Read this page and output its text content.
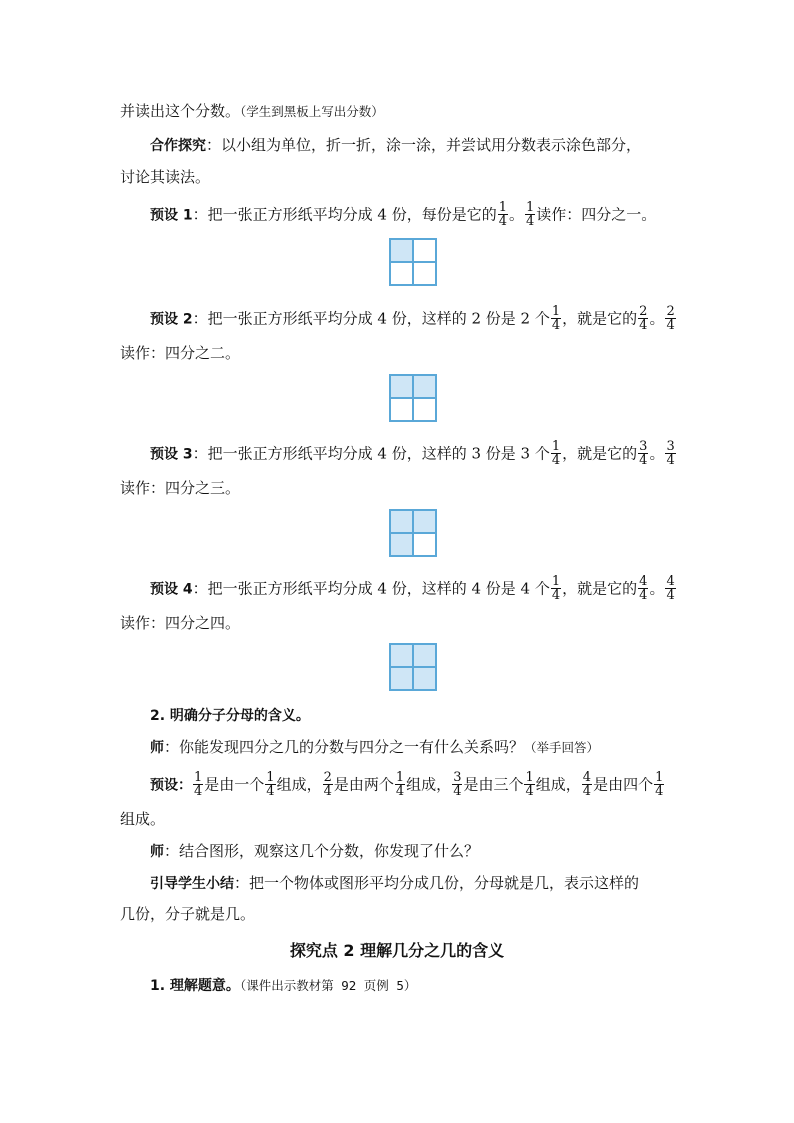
并读出这个分数。（学生到黑板上写出分数）
合作探究：以小组为单位，折一折，涂一涂，并尝试用分数表示涂色部分，
讨论其读法。
预设 1：把一张正方形纸平均分成 4 份，每份是它的 $\frac{1}{4}$ 。 $\frac{1}{4}$ 读作：四分之一。
预设 2：把一张正方形纸平均分成 4 份，这样的 2 份是 2 个 $\frac{1}{4}$ ，就是它的 $\frac{2}{4}$ 。 $\frac{2}{4}$
读作：四分之二。
预设 3：把一张正方形纸平均分成 4 份，这样的 3 份是 3 个 $\frac{1}{4}$ ，就是它的 $\frac{3}{4}$ 。 $\frac{3}{4}$
读作：四分之三。
预设 4：把一张正方形纸平均分成 4 份，这样的 4 份是 4 个 $\frac{1}{4}$ ，就是它的 $\frac{4}{4}$ 。 $\frac{4}{4}$
读作：四分之四。
2. 明确分子分母的含义。
师：你能发现四分之几的分数与四分之一有什么关系吗？（举手回答）
预设： $\frac{1}{4}$ 是由一个 $\frac{1}{4}$ 组成， $\frac{2}{4}$ 是由两个 $\frac{1}{4}$ 组成， $\frac{3}{4}$ 是由三个 $\frac{1}{4}$ 组成， $\frac{4}{4}$ 是由四个 $\frac{1}{4}$
组成。
师：结合图形，观察这几个分数，你发现了什么？
引导学生小结：把一个物体或图形平均分成几份，分母就是几，表示这样的
几份，分子就是几。
探究点 2 理解几分之几的含义
1. 理解题意。（课件出示教材第 92 页例 5）
